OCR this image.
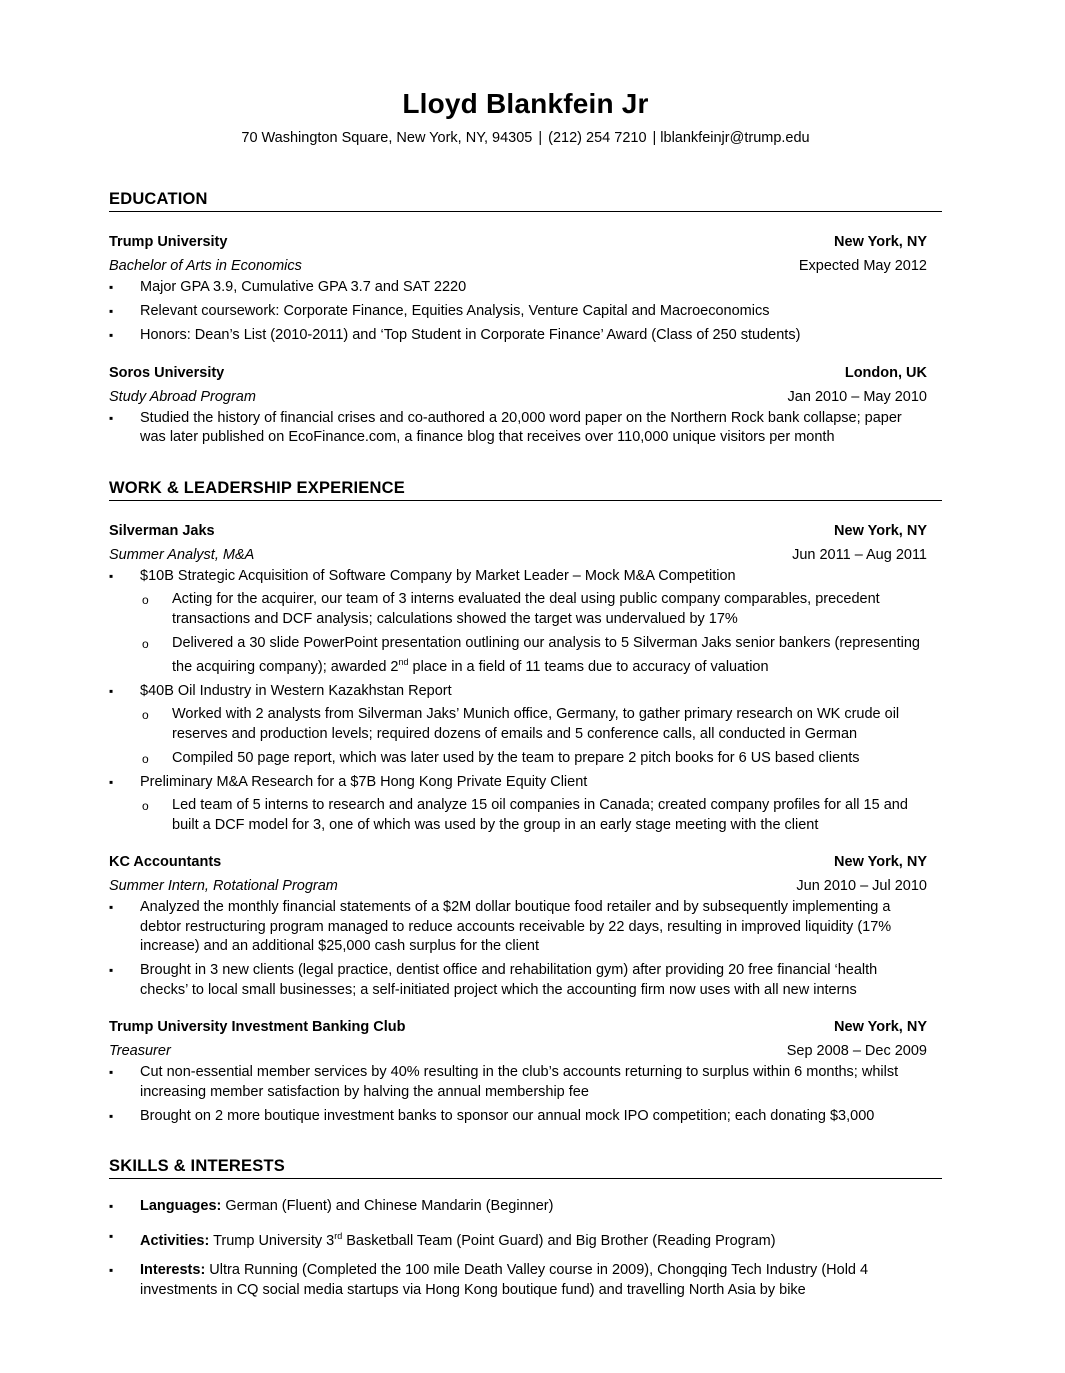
Lloyd Blankfein Jr

70 Washington Square, New York, NY, 94305 | (212) 254 7210 | lblankfeinjr@trump.edu

EDUCATION
Trump University	New York, NY
Bachelor of Arts in Economics	Expected May 2012
▪ Major GPA 3.9, Cumulative GPA 3.7 and SAT 2220
▪ Relevant coursework: Corporate Finance, Equities Analysis, Venture Capital and Macroeconomics
▪ Honors: Dean’s List (2010-2011) and ‘Top Student in Corporate Finance’ Award (Class of 250 students)
Soros University	London, UK
Study Abroad Program	Jan 2010 – May 2010
▪ Studied the history of financial crises and co-authored a 20,000 word paper on the Northern Rock bank collapse; paper was later published on EcoFinance.com, a finance blog that receives over 110,000 unique visitors per month
WORK & LEADERSHIP EXPERIENCE
Silverman Jaks	New York, NY
Summer Analyst, M&A	Jun 2011 – Aug 2011
▪ $10B Strategic Acquisition of Software Company by Market Leader – Mock M&A Competition
o Acting for the acquirer, our team of 3 interns evaluated the deal using public company comparables, precedent transactions and DCF analysis; calculations showed the target was undervalued by 17%
o Delivered a 30 slide PowerPoint presentation outlining our analysis to 5 Silverman Jaks senior bankers (representing the acquiring company); awarded 2nd place in a field of 11 teams due to accuracy of valuation
▪ $40B Oil Industry in Western Kazakhstan Report
o Worked with 2 analysts from Silverman Jaks’ Munich office, Germany, to gather primary research on WK crude oil reserves and production levels; required dozens of emails and 5 conference calls, all conducted in German
o Compiled 50 page report, which was later used by the team to prepare 2 pitch books for 6 US based clients
▪ Preliminary M&A Research for a $7B Hong Kong Private Equity Client
o Led team of 5 interns to research and analyze 15 oil companies in Canada; created company profiles for all 15 and built a DCF model for 3, one of which was used by the group in an early stage meeting with the client
KC Accountants	New York, NY
Summer Intern, Rotational Program	Jun 2010 – Jul 2010
▪ Analyzed the monthly financial statements of a $2M dollar boutique food retailer and by subsequently implementing a debtor restructuring program managed to reduce accounts receivable by 22 days, resulting in improved liquidity (17% increase) and an additional $25,000 cash surplus for the client
▪ Brought in 3 new clients (legal practice, dentist office and rehabilitation gym) after providing 20 free financial ‘health checks’ to local small businesses; a self-initiated project which the accounting firm now uses with all new interns
Trump University Investment Banking Club	New York, NY
Treasurer	Sep 2008 – Dec 2009
▪ Cut non-essential member services by 40% resulting in the club’s accounts returning to surplus within 6 months; whilst increasing member satisfaction by halving the annual membership fee
▪ Brought on 2 more boutique investment banks to sponsor our annual mock IPO competition; each donating $3,000
SKILLS & INTERESTS
▪ Languages: German (Fluent) and Chinese Mandarin (Beginner)
▪ Activities: Trump University 3rd Basketball Team (Point Guard) and Big Brother (Reading Program)
▪ Interests: Ultra Running (Completed the 100 mile Death Valley course in 2009), Chongqing Tech Industry (Hold 4 investments in CQ social media startups via Hong Kong boutique fund) and travelling North Asia by bike
